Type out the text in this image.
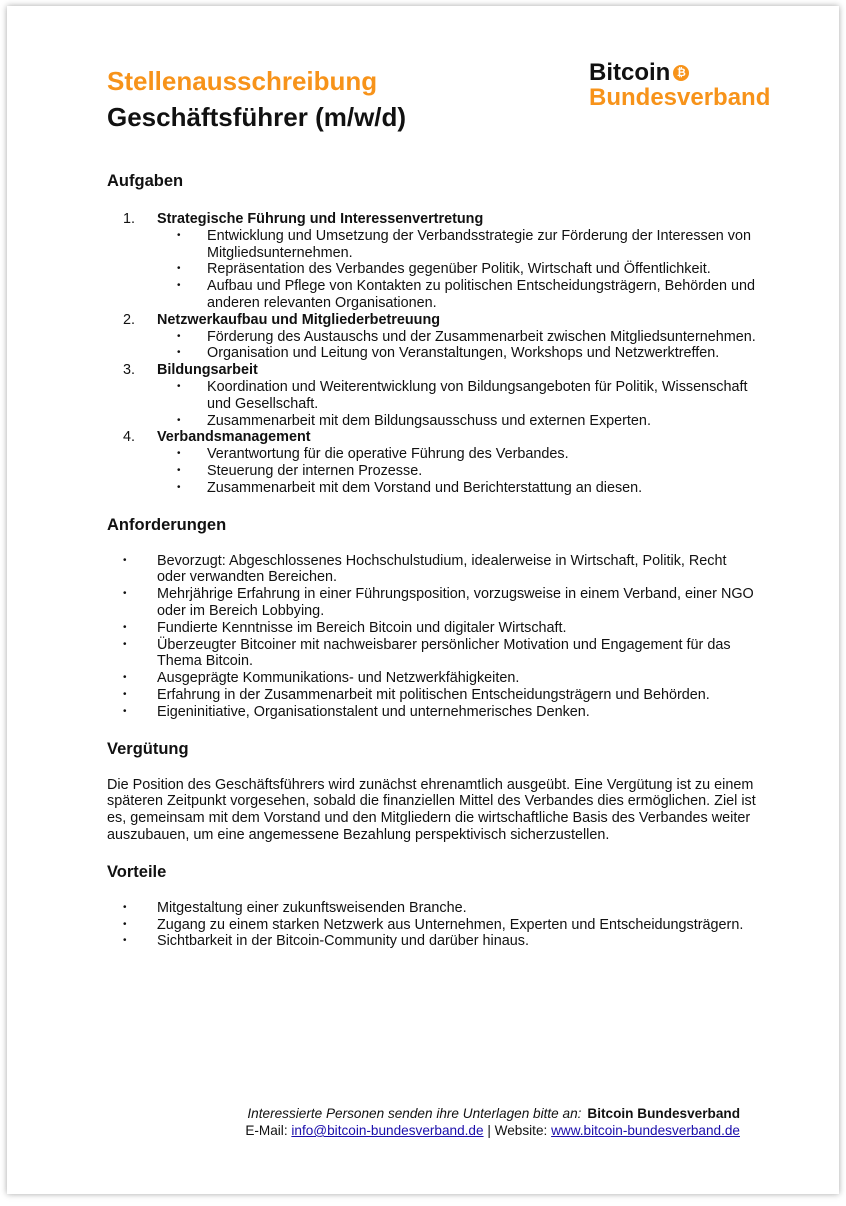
Stellenausschreibung
Geschäftsführer (m/w/d)
Bitcoin ₿
Bundesverband
Aufgaben
1. Strategische Führung und Interessenvertretung
• Entwicklung und Umsetzung der Verbandsstrategie zur Förderung der Interessen von Mitgliedsunternehmen.
• Repräsentation des Verbandes gegenüber Politik, Wirtschaft und Öffentlichkeit.
• Aufbau und Pflege von Kontakten zu politischen Entscheidungsträgern, Behörden und anderen relevanten Organisationen.
2. Netzwerkaufbau und Mitgliederbetreuung
• Förderung des Austauschs und der Zusammenarbeit zwischen Mitgliedsunternehmen.
• Organisation und Leitung von Veranstaltungen, Workshops und Netzwerktreffen.
3. Bildungsarbeit
• Koordination und Weiterentwicklung von Bildungsangeboten für Politik, Wissenschaft und Gesellschaft.
• Zusammenarbeit mit dem Bildungsausschuss und externen Experten.
4. Verbandsmanagement
• Verantwortung für die operative Führung des Verbandes.
• Steuerung der internen Prozesse.
• Zusammenarbeit mit dem Vorstand und Berichterstattung an diesen.
Anforderungen
• Bevorzugt: Abgeschlossenes Hochschulstudium, idealerweise in Wirtschaft, Politik, Recht oder verwandten Bereichen.
• Mehrjährige Erfahrung in einer Führungsposition, vorzugsweise in einem Verband, einer NGO oder im Bereich Lobbying.
• Fundierte Kenntnisse im Bereich Bitcoin und digitaler Wirtschaft.
• Überzeugter Bitcoiner mit nachweisbarer persönlicher Motivation und Engagement für das Thema Bitcoin.
• Ausgeprägte Kommunikations- und Netzwerkfähigkeiten.
• Erfahrung in der Zusammenarbeit mit politischen Entscheidungsträgern und Behörden.
• Eigeninitiative, Organisationstalent und unternehmerisches Denken.
Vergütung

Die Position des Geschäftsführers wird zunächst ehrenamtlich ausgeübt. Eine Vergütung ist zu einem späteren Zeitpunkt vorgesehen, sobald die finanziellen Mittel des Verbandes dies ermöglichen. Ziel ist es, gemeinsam mit dem Vorstand und den Mitgliedern die wirtschaftliche Basis des Verbandes weiter auszubauen, um eine angemessene Bezahlung perspektivisch sicherzustellen.

Vorteile
• Mitgestaltung einer zukunftsweisenden Branche.
• Zugang zu einem starken Netzwerk aus Unternehmen, Experten und Entscheidungsträgern.
• Sichtbarkeit in der Bitcoin-Community und darüber hinaus.
Interessierte Personen senden ihre Unterlagen bitte an: Bitcoin Bundesverband
E-Mail: info@bitcoin-bundesverband.de | Website: www.bitcoin-bundesverband.de
